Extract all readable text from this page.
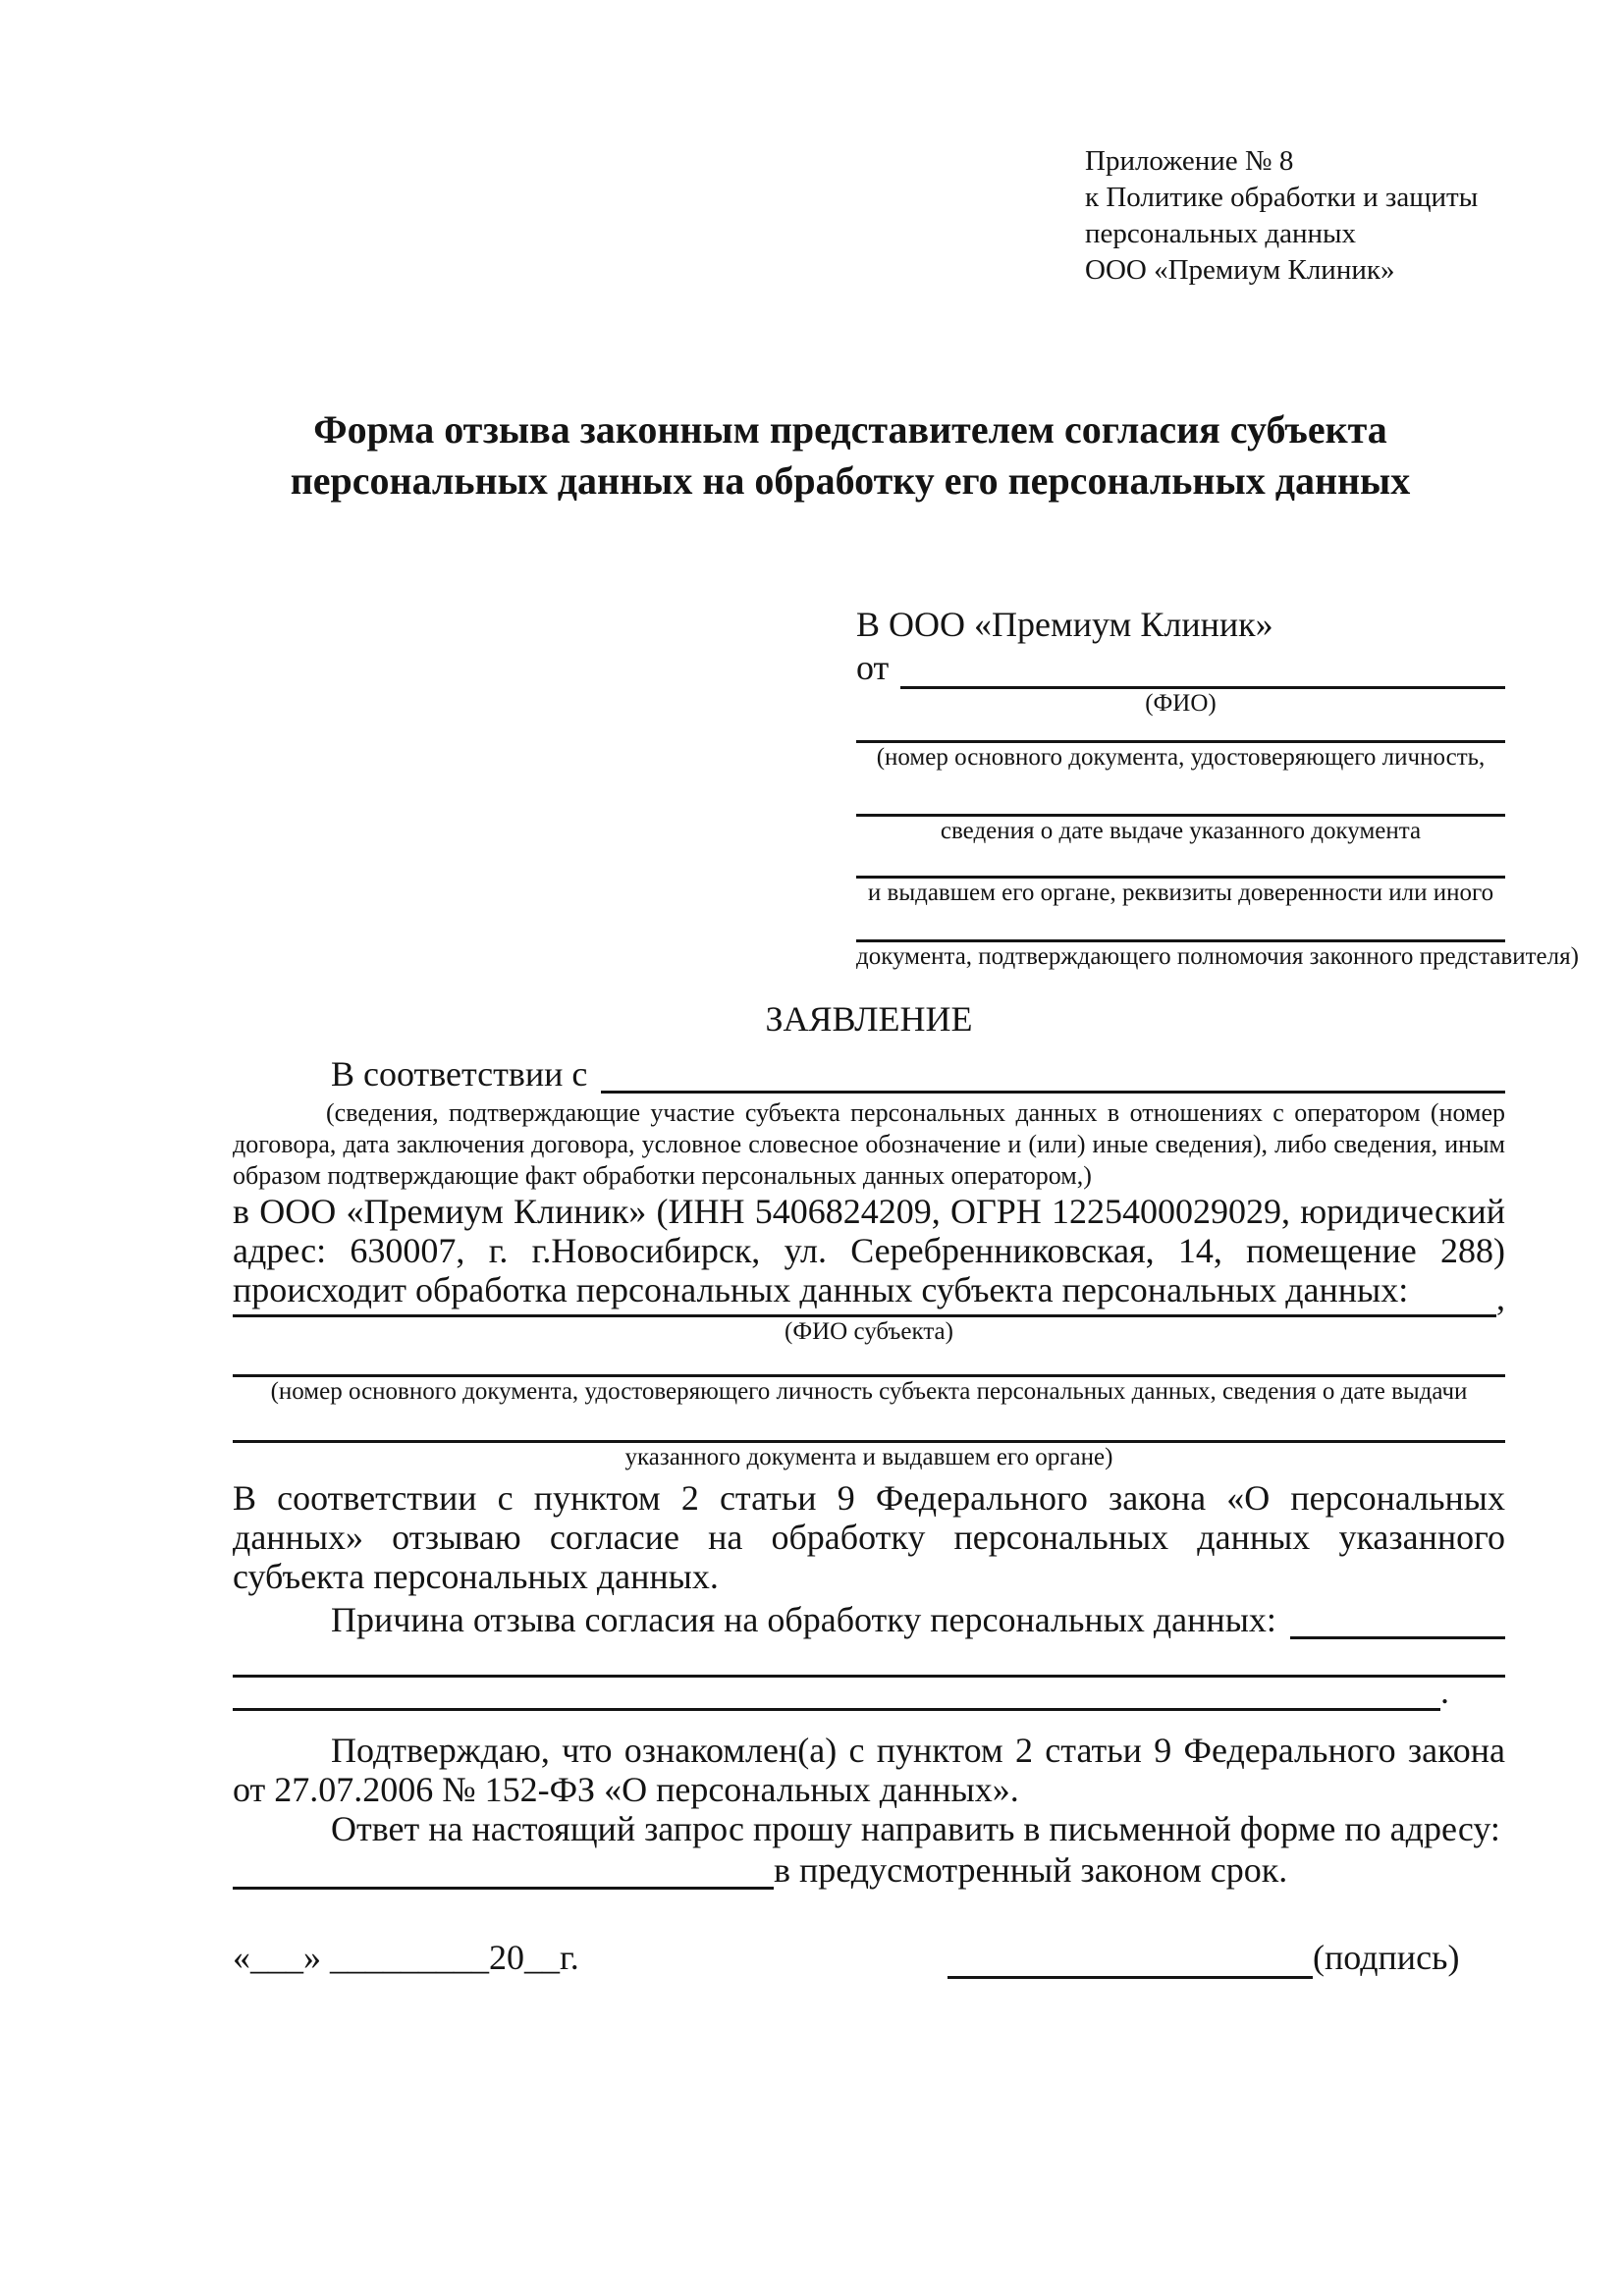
Приложение № 8
к Политике обработки и защиты
персональных данных
ООО «Премиум Клиник»
Форма отзыва законным представителем согласия субъекта
персональных данных на обработку его персональных данных
В ООО «Премиум Клиник»
от
(ФИО)
(номер основного документа, удостоверяющего личность,
сведения о дате выдаче указанного документа
и выдавшем его органе, реквизиты доверенности или иного
документа, подтверждающего полномочия законного представителя)
ЗАЯВЛЕНИЕ
В соответствии с
(сведения, подтверждающие участие субъекта персональных данных в отношениях с оператором (номер договора, дата заключения договора, условное словесное обозначение и (или) иные сведения), либо сведения, иным образом подтверждающие факт обработки персональных данных оператором,)
в ООО «Премиум Клиник» (ИНН 5406824209, ОГРН 1225400029029, юридический адрес: 630007, г. г.Новосибирск, ул. Серебренниковская, 14, помещение 288) происходит обработка персональных данных субъекта персональных данных:	,
(ФИО субъекта)
(номер основного документа, удостоверяющего личность субъекта персональных данных, сведения о дате выдачи
указанного документа и выдавшем его органе)
В соответствии с пунктом 2 статьи 9 Федерального закона «О персональных данных» отзываю согласие на обработку персональных данных указанного субъекта персональных данных.
Причина отзыва согласия на обработку персональных данных:
.
Подтверждаю, что ознакомлен(а) с пунктом 2 статьи 9 Федерального закона от 27.07.2006 № 152-ФЗ «О персональных данных».
Ответ на настоящий запрос прошу направить в письменной форме по адресу:
в предусмотренный законом срок.
«___» _________20__г.	(подпись)
